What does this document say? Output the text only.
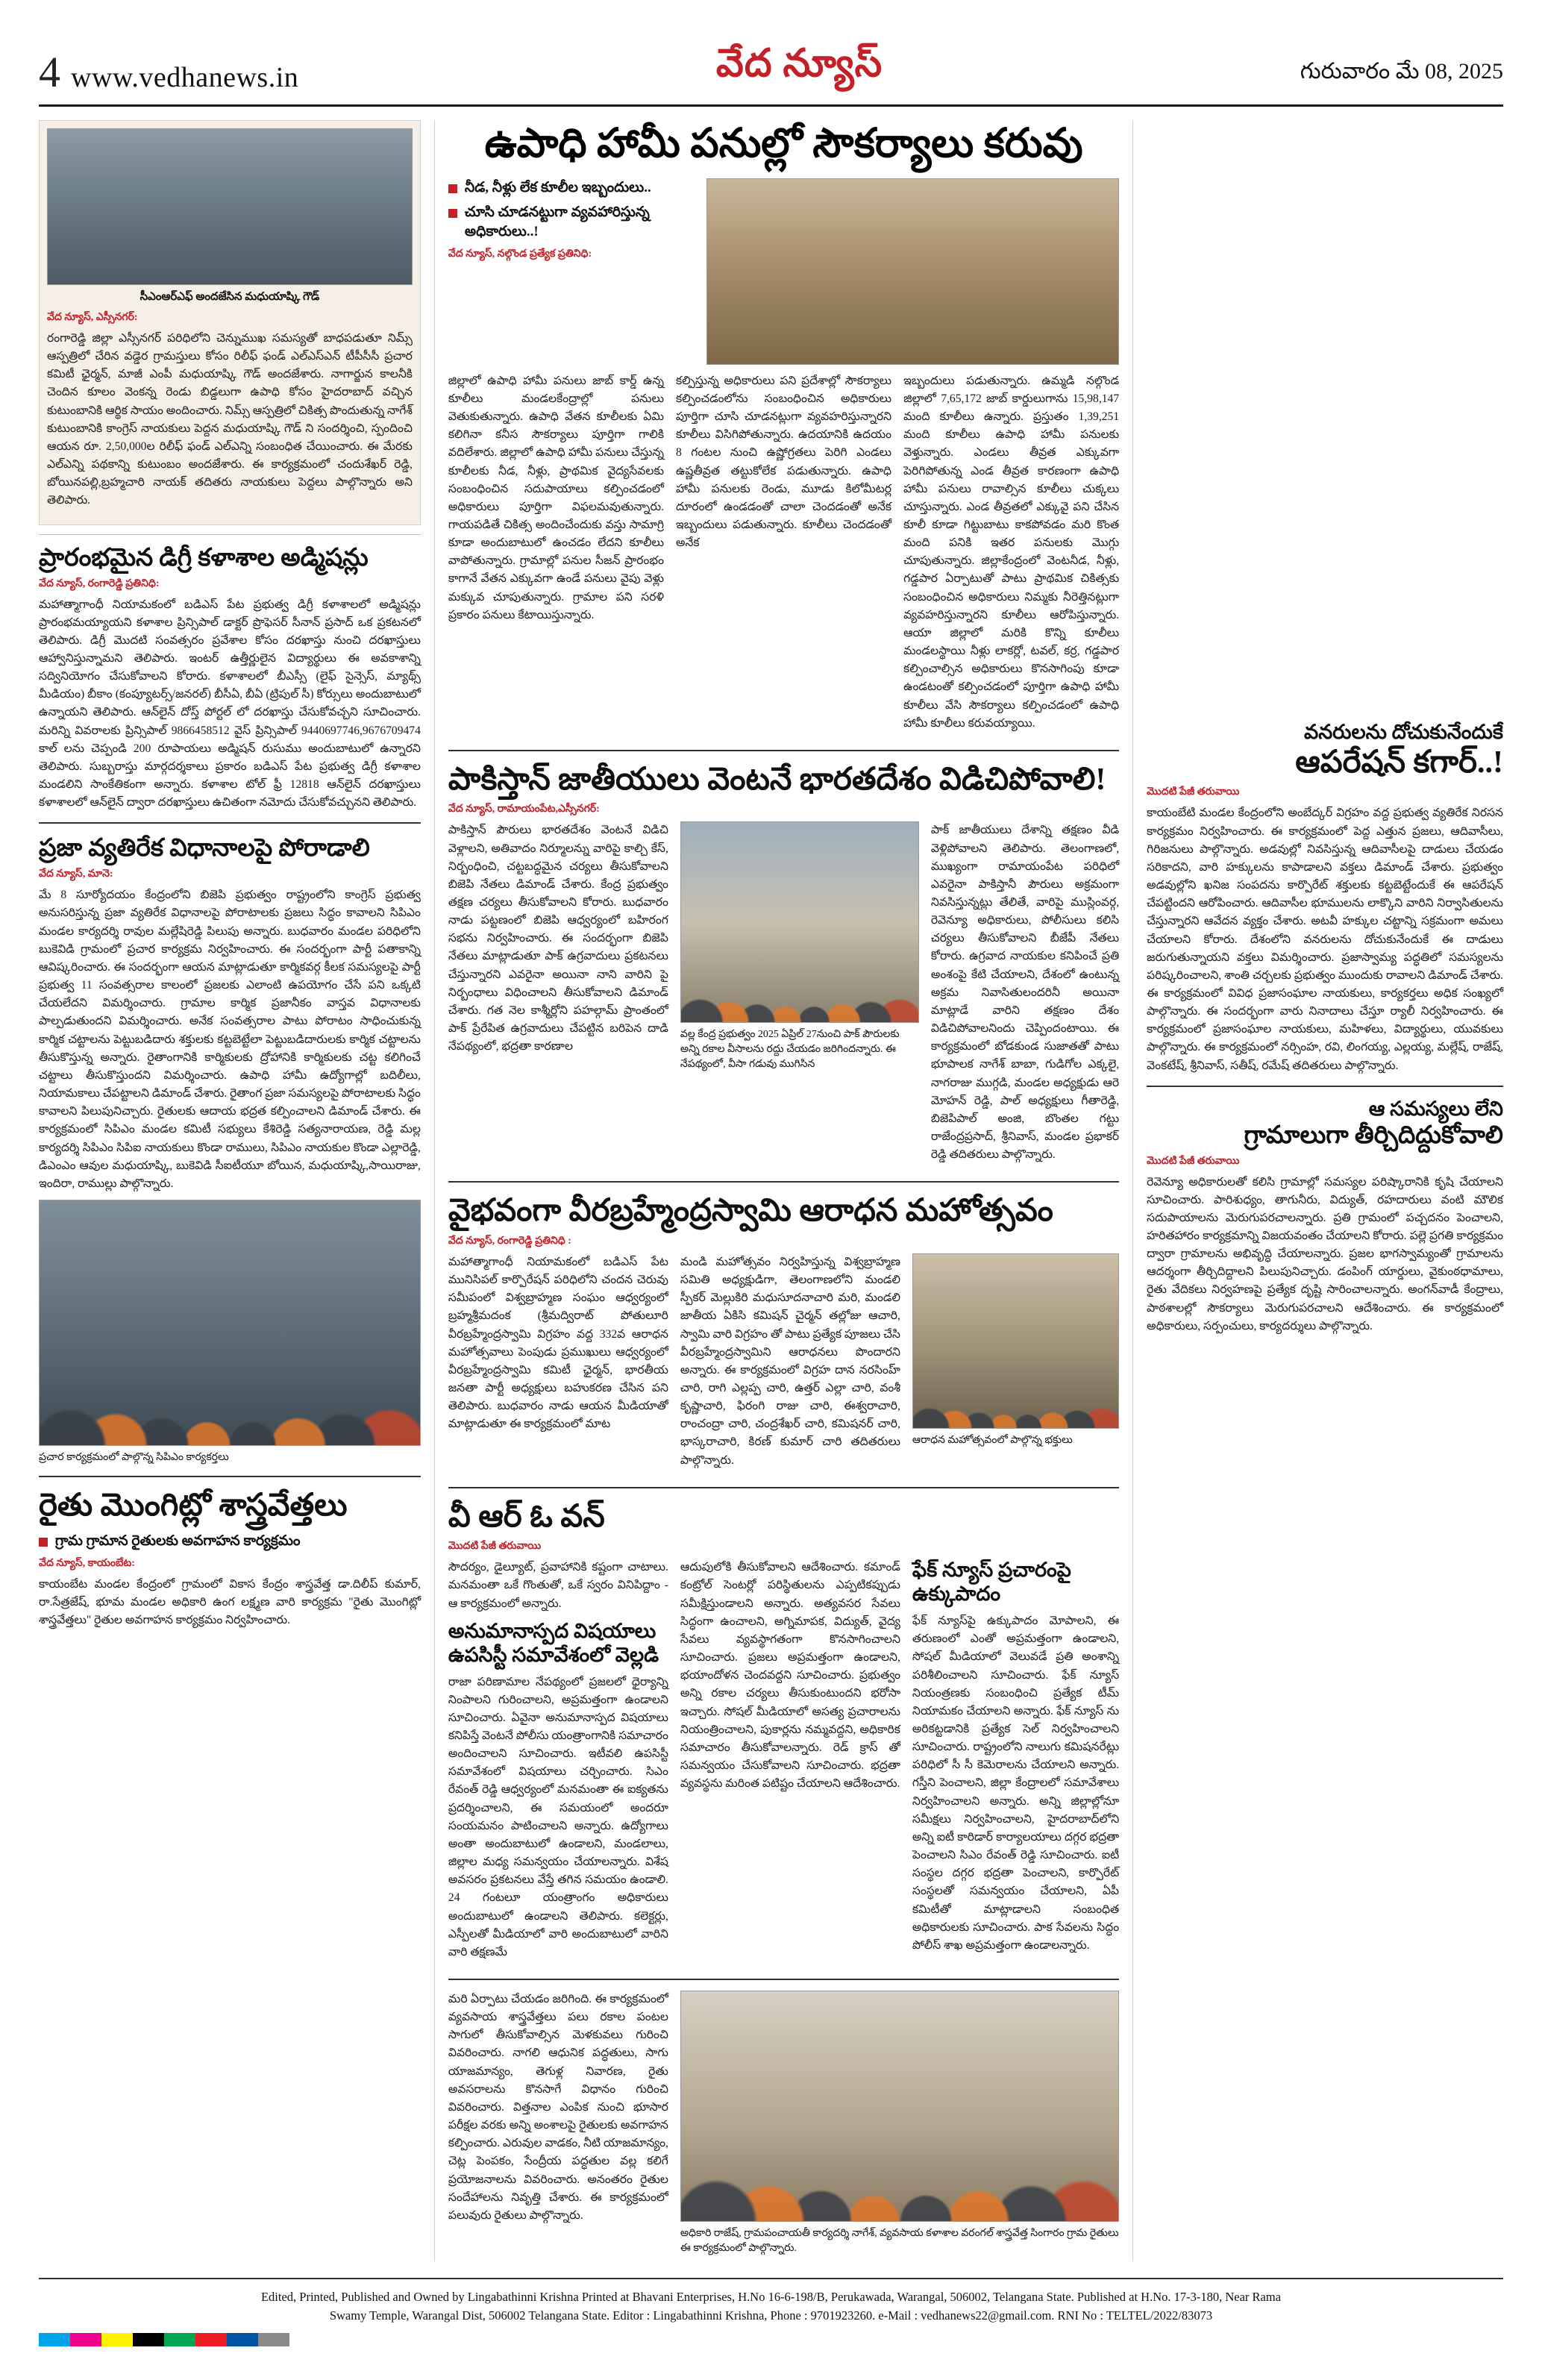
4 www.vedhanews.in	వేద న్యూస్	గురువారం మే 08, 2025
సీఎంఆర్ఎఫ్ అందజేసిన మధుయాష్కి గౌడ్
వేద న్యూస్, ఎస్సీనగర్:

రంగారెడ్డి జిల్లా ఎస్సీనగర్ పరిధిలోని చెన్నుముఖ సమస్యతో బాధపడుతూ నిమ్స్ ఆస్పత్రిలో చేరిన వడ్డెర గ్రామస్తులు కోసం రిలీఫ్ ఫండ్ ఎల్ఎస్ఎన్ టీపీసీసీ ప్రచార కమిటీ ఛైర్మన్, మాజీ ఎంపీ మధుయాష్కి గౌడ్ అందజేశారు. నాగార్జున కాలనీకి చెందిన కూలం వెంకన్న రెండు బిడ్డలుగా ఉపాధి కోసం హైదరాబాద్ వచ్చిన కుటుంబానికి ఆర్థిక సాయం అందించారు. నిమ్స్ ఆస్పత్రిలో చికిత్స పొందుతున్న నాగేశ్ కుటుంబానికి కాంగ్రెస్ నాయకులు పెద్దన మధుయాష్కి గౌడ్ ని సందర్శించి, స్పందించి ఆయన రూ. 2,50,000ల రిలీఫ్ ఫండ్ ఎల్ఎన్ని సంబంధిత చేయించారు. ఈ మేరకు ఎల్ఎన్ని పథకాన్ని కుటుంబం అందజేశారు. ఈ కార్యక్రమంలో చందుశేఖర్ రెడ్డి, బోయినపల్లి,బ్రహ్మచారి నాయక్ తదితరు నాయకులు పెద్దలు పాల్గొన్నారు అని తెలిపారు.

ప్రారంభమైన డిగ్రీ కళాశాల అడ్మిషన్లు
వేద న్యూస్, రంగారెడ్డి ప్రతినిధి:

మహాత్మాగాంధీ నియామకంలో బడిఎస్ పేట ప్రభుత్వ డిగ్రీ కళాశాలలో అడ్మిషన్లు ప్రారంభమయ్యాయని కళాశాల ప్రిన్సిపాల్ డాక్టర్ ప్రొఫెసర్ సీనాన్ ప్రసాద్ ఒక ప్రకటనలో తెలిపారు. డిగ్రీ మొదటి సంవత్సరం ప్రవేశాల కోసం దరఖాస్తు నుంచి దరఖాస్తులు ఆహ్వానిస్తున్నామని తెలిపారు. ఇంటర్ ఉత్తీర్ణులైన విద్యార్థులు ఈ అవకాశాన్ని సద్వినియోగం చేసుకోవాలని కోరారు. కళాశాలలో బీఎస్సీ (లైఫ్ సైన్సెస్, మ్యాథ్స్ మీడియం) బీకాం (కంప్యూటర్స్/జనరల్) బీసీఏ, బీఏ (ట్రిపుల్ సీ) కోర్సులు అందుబాటులో ఉన్నాయని తెలిపారు. ఆన్‌లైన్ దోస్త్ పోర్టల్ లో దరఖాస్తు చేసుకోవచ్చని సూచించారు. మరిన్ని వివరాలకు ప్రిన్సిపాల్ 9866458512 వైస్ ప్రిన్సిపాల్ 9440697746,9676709474 కాల్ లను చెప్పండి 200 రూపాయలు అడ్మిషన్ రుసుము అందుబాటులో ఉన్నారని తెలిపారు. సుబ్బరాస్తు మార్గదర్శకాలు ప్రకారం బడిఎస్ పేట ప్రభుత్వ డిగ్రీ కళాశాల మండలిని సాంకేతికంగా అన్నారు. కళాశాల టోల్ ఫ్రీ 12818 ఆన్‌లైన్ దరఖాస్తులు కళాశాలలో ఆన్‌లైన్ ద్వారా దరఖాస్తులు ఉచితంగా నమోదు చేసుకోవచ్చునని తెలిపారు.

ప్రజా వ్యతిరేక విధానాలపై పోరాడాలి
వేద న్యూస్, మానె:

మే 8 సూర్యోదయం కేంద్రంలోని బిజెపి ప్రభుత్వం రాష్ట్రంలోని కాంగ్రెస్ ప్రభుత్వ అనుసరిస్తున్న ప్రజా వ్యతిరేక విధానాలపై పోరాటాలకు ప్రజలు సిద్ధం కావాలని సిపిఎం మండల కార్యదర్శి రావుల మల్లేషిరెడ్డి పిలుపు అన్నారు. బుధవారం మండల పరిధిలోని బుకెవిడి గ్రామంలో ప్రచార కార్యక్రమ నిర్వహించారు. ఈ సందర్భంగా పార్టీ పతాకాన్ని ఆవిష్కరించారు. ఈ సందర్భంగా ఆయన మాట్లాడుతూ కార్మికవర్గ కీలక సమస్యలపై పార్టీ ప్రభుత్వ 11 సంవత్సరాల కాలంలో ప్రజలకు ఎలాంటి ఉపయోగం చేసే పని ఒక్కటి చేయలేదని విమర్శించారు. గ్రామాల కార్మిక ప్రజానీకం వాస్తవ విధానాలకు పాల్పడుతుందని విమర్శించారు. అనేక సంవత్సరాల పాటు పోరాటం సాధించుకున్న కార్మిక చట్టాలను పెట్టుబడిదారు శక్తులకు కట్టబెట్టేలా పెట్టుబడిదారులకు కార్మిక చట్టాలను తీసుకొస్తున్న అన్నారు. రైతాంగానికి కార్మికులకు ద్రోహానికి కార్మికులకు చట్ట కలిగించే చట్టాలు తీసుకొస్తుందని విమర్శించారు. ఉపాధి హామీ ఉద్యోగాల్లో బదిలీలు, నియామకాలు చేపట్టాలని డిమాండ్ చేశారు. రైతాంగ ప్రజా సమస్యలపై పోరాటాలకు సిద్ధం కావాలని పిలుపునిచ్చారు. రైతులకు ఆదాయ భద్రత కల్పించాలని డిమాండ్ చేశారు. ఈ కార్యక్రమంలో సిపిఎం మండల కమిటీ సభ్యులు కేశిరెడ్డి సత్యనారాయణ, రెడ్డి మల్ల కార్యదర్శి సిపిఎం సిపిఐ నాయకులు కొండా రాములు, సిపిఎం నాయకుల కొండా ఎల్లారెడ్డి, డిఎంఎం ఆవుల మధుయాష్కి, బుకెవిడి సీఐటీయూ బోయిన, మధుయాష్కి,సాయిరాజు, ఇందిరా, రాముల్లు పాల్గొన్నారు.

ప్రచార కార్యక్రమంలో పాల్గొన్న సిపిఎం కార్యకర్తలు
రైతు మొంగిట్లో శాస్త్రవేత్తలు
గ్రామ గ్రామాన రైతులకు అవగాహన కార్యక్రమం
వేద న్యూస్, కాయంబేట:

కాయంబేట మండల కేంద్రంలో గ్రామంలో వికాస కేంద్రం శాస్త్రవేత్త డా.దిలీప్ కుమార్, రా.సేత్రజేష్, భూమ మండల అధికారి ఉంగ లక్ష్మణ వారి కార్యక్రమ "రైతు మొంగిట్లో శాస్త్రవేత్తలు" రైతుల అవగాహన కార్యక్రమం నిర్వహించారు.

ఉపాధి హామీ పనుల్లో సౌకర్యాలు కరువు
నీడ, నీళ్లు లేక కూలీల ఇబ్బందులు..
చూసి చూడనట్టుగా వ్యవహారిస్తున్న అధికారులు..!
వేద న్యూస్, నల్గొండ ప్రత్యేక ప్రతినిధి:

జిల్లాలో ఉపాధి హామీ పనులు జాబ్ కార్డ్ ఉన్న కూలీలు మండలకేంద్రాల్లో పనులు వెతుకుతున్నారు. ఉపాధి వేతన కూలీలకు ఏమి కలిగినా కనీస సౌకర్యాలు పూర్తిగా గాలికి వదిలేశారు. జిల్లాలో ఉపాధి హామీ పనులు చేస్తున్న కూలీలకు నీడ, నీళ్లు, ప్రాథమిక వైద్యసేవలకు సంబంధించిన సదుపాయాలు కల్పించడంలో అధికారులు పూర్తిగా విఫలమవుతున్నారు. గాయపడితే చికిత్స అందించేందుకు వస్తు సామాగ్రి కూడా అందుబాటులో ఉంచడం లేదని కూలీలు వాపోతున్నారు. గ్రామాల్లో పనుల సీజన్ ప్రారంభం కాగానే వేతన ఎక్కువగా ఉండే పనులు వైపు వెళ్లు మక్కువ చూపుతున్నారు. గ్రామాల పని సరళి ప్రకారం పనులు కేటాయిస్తున్నారు.

కల్పిస్తున్న అధికారులు పని ప్రదేశాల్లో సౌకర్యాలు కల్పించడంలోను సంబంధించిన అధికారులు పూర్తిగా చూసి చూడనట్లుగా వ్యవహరిస్తున్నారని కూలీలు విసిగిపోతున్నారు. ఉదయానికి ఉదయం 8 గంటల నుంచి ఉష్ణోగ్రతలు పెరిగి ఎండలు ఉష్ణతీవ్రత తట్టుకోలేక పడుతున్నారు. ఉపాధి హామీ పనులకు రెండు, మూడు కిలోమీటర్ల దూరంలో ఉండడంతో చాలా చెందడంతో అనేక ఇబ్బందులు పడుతున్నారు. కూలీలు చెందడంతో అనేక

ఇబ్బందులు పడుతున్నారు. ఉమ్మడి నల్గొండ జిల్లాలో 7,65,172 జాబ్ కార్డులుగాను 15,98,147 మంది కూలీలు ఉన్నారు. ప్రస్తుతం 1,39,251 మంది కూలీలు ఉపాధి హామీ పనులకు వెళ్తున్నారు. ఎండలు తీవ్రత ఎక్కువగా పెరిగిపోతున్న ఎండ తీవ్రత కారణంగా ఉపాధి హామీ పనులు రావాల్సిన కూలీలు చుక్కలు చూస్తున్నారు. ఎండ తీవ్రతలో ఎక్కువై పని చేసిన కూలీ కూడా గిట్టుబాటు కాకపోవడం మరి కొంత మంది పనికి ఇతర పనులకు మొగ్గు చూపుతున్నారు. జిల్లాకేంద్రంలో వెంటనీడ, నీళ్లు, గడ్డపార ఏర్పాటుతో పాటు ప్రాథమిక చికిత్సకు సంబంధించిన అధికారులు నిమ్మకు నీరెత్తినట్లుగా వ్యవహరిస్తున్నారని కూలీలు ఆరోపిస్తున్నారు. ఆయా జిల్లాలో మరికి కొన్ని కూలీలు మండలస్థాయి నీళ్లు లాకర్లో, టవల్, కర్ర, గడ్డపార కల్పించాల్సిన అధికారులు కొనసాగింపు కూడా ఉండటంతో కల్పించడంలో పూర్తిగా ఉపాధి హామీ కూలీలు వేసి సౌకర్యాలు కల్పించడంలో ఉపాధి హామీ కూలీలు కరువయ్యాయి.

పాకిస్తాన్ జాతీయులు వెంటనే భారతదేశం విడిచిపోవాలి!
వేద న్యూస్, రామాయంపేట,ఎస్సీనగర్:

పాకిస్తాన్ పౌరులు భారతదేశం వెంటనే విడిచి వెళ్లాలని, అతివాదం నిర్మూలన్ను వారిపై కాల్చి కేస్, నిర్బంధించి, చట్టబద్ధమైన చర్యలు తీసుకోవాలని బిజెపి నేతలు డిమాండ్ చేశారు. కేంద్ర ప్రభుత్వం తక్షణ చర్యలు తీసుకోవాలని కోరారు. బుధవారం నాడు పట్టణంలో బిజెపి ఆధ్వర్యంలో బహిరంగ సభను నిర్వహించారు. ఈ సందర్భంగా బిజెపి నేతలు మాట్లాడుతూ పాక్ ఉగ్రవాదులు ప్రకటనలు చేస్తున్నారని ఎవరైనా అయినా నాని వారిని పై నిర్బంధాలు విధించాలని తీసుకోవాలని డిమాండ్ చేశారు. గత నెల కాశ్మీర్లోని పహల్గామ్ ప్రాంతంలో పాక్ ప్రేరేపిత ఉగ్రవాదులు చేపట్టిన బరిపెన దాడి నేపథ్యంలో, భద్రతా కారణాల

వల్ల కేంద్ర ప్రభుత్వం 2025 ఏప్రిల్ 27నుంచి పాక్ పౌరులకు అన్ని రకాల వీసాలను రద్దు చేయడం జరిగిందన్నారు. ఈ నేపథ్యంలో, వీసా గడువు ముగిసిన

పాక్ జాతీయులు దేశాన్ని తక్షణం వీడి వెళ్లిపోవాలని తెలిపారు. తెలంగాణలో, ముఖ్యంగా రామాయంపేట పరిధిలో ఎవరైనా పాకిస్తానీ పౌరులు అక్రమంగా నివసిస్తున్నట్లు తేలితే, వారిపై ముస్లింవర్గ, రెవెన్యూ అధికారులు, పోలీసులు కలిసి చర్యలు తీసుకోవాలని బీజేపీ నేతలు కోరారు. ఉగ్రవాద నాయకుల కనిపించే ప్రతి అంశంపై కేటి చేయాలని, దేశంలో ఉంటున్న అక్రమ నివాసితులందరినీ అయినా మాట్లాడే వారిని తక్షణం దేశం విడిచిపోవాలనిందు చెప్పిందంటాయి. ఈ కార్యక్రమంలో బోడకుండ సుజాతతో పాటు భూపాలక నాగేశ్ బాబా, గుడిగోల ఎక్కలై, నాగరాజు ముగ్గడి, మండల అధ్యక్షుడు ఆరె మోహన్ రెడ్డి, పాల్ అధ్యక్షులు గీతారెడ్డి, బిజెపిపాల్ అంజి, బొంతల గట్టు రాజేంద్రప్రసాద్, శ్రీనివాస్, మండల ప్రభాకర్ రెడ్డి తదితరులు పాల్గొన్నారు.

వైభవంగా వీరబ్రహ్మేంద్రస్వామి ఆరాధన మహోత్సవం
వేద న్యూస్, రంగారెడ్డి ప్రతినిధి :

మహాత్మాగాంధీ నియామకంలో బడిఎస్ పేట మునిసిపల్ కార్పొరేషన్ పరిధిలోని చందన చెరువు సమీపంలో విశ్వబ్రాహ్మణ సంఘం ఆధ్వర్యంలో బ్రహ్మశ్రీమదంక (శ్రీమద్విరాట్ పోతులూరి వీరబ్రహ్మేంద్రస్వామి విగ్రహం వద్ద 332వ ఆరాధన మహోత్సవాలు పెంపుడు ప్రముఖులు ఆధ్వర్యంలో వీరబ్రహ్మేంద్రస్వామి కమిటీ ఛైర్మన్, భారతీయ జనతా పార్టీ అధ్యక్షులు బహుకరణ చేసిన పని తెలిపారు. బుధవారం నాడు ఆయన మీడియాతో మాట్లాడుతూ ఈ కార్యక్రమంలో మాట

మండి మహోత్సవం నిర్వహిస్తున్న విశ్వబ్రాహ్మణ సమితి అధ్యక్షుడిగా, తెలంగాణలోని మండలి స్పీకర్ మెల్లుకిరి మధుసూదనాచారి మరి, మండలి జాతీయ ఏకిసి కమిషన్ చైర్మన్ తల్లోజు ఆచారి, స్వామి వారి విగ్రహం తో పాటు ప్రత్యేక పూజలు చేసి వీరబ్రహ్మేంద్రస్వామిని ఆరాధనలు పొందారని అన్నారు. ఈ కార్యక్రమంలో విగ్రహ దాన నరసింహ్ చారి, రాగి ఎల్లప్ప చారి, ఉత్తర్ ఎల్లా చారి, వంశీ కృష్ణాచారి, ఫిరంగి రాజు చారి, ఈశ్వరాచారి, రాంచంద్రా చారి, చంద్రశేఖర్ చారి, కమిషనర్ చారి, భాస్కరాచారి, కిరణ్ కుమార్ చారి తదితరులు పాల్గొన్నారు.

ఆరాధన మహోత్సవంలో పాల్గొన్న భక్తులు
వీ ఆర్ ఓ వన్
మొదటి పేజీ తరువాయి

సౌదర్యం, డైల్యూట్, ప్రవాహానికి కష్టంగా చాటాలు. మనమంతా ఒకే గొంతుతో, ఒకే స్వరం వినిపిద్దాం - ఆ కార్యక్రమంలో అన్నారు.

అనుమానాస్పద విషయాలు ఉపసిస్టీ సమావేశంలో వెల్లడి

రాజా పరిణామాల నేపథ్యంలో ప్రజలలో ధైర్యాన్ని నింపాలని గురించాలని, అప్రమత్తంగా ఉండాలని సూచించారు. ఏవైనా అనుమానాస్పద విషయాలు కనిపిస్తే వెంటనే పోలీసు యంత్రాంగానికి సమాచారం అందించాలని సూచించారు. ఇటీవలి ఉపసిస్టీ సమావేశంలో విషయాలు చర్చించారు. సిఎం రేవంత్ రెడ్డి ఆధ్వర్యంలో మనమంతా ఈ ఐక్యతను ప్రదర్శించాలని, ఈ సమయంలో అందరూ సంయమనం పాటించాలని అన్నారు. ఉద్యోగాలు అంతా అందుబాటులో ఉండాలని, మండలాలు, జిల్లాల మధ్య సమన్వయం చేయాలన్నారు. విశేష అవసరం ప్రకటనలు వేస్తే తగిన సమయం ఉండాలి. 24 గంటలూ యంత్రాంగం అధికారులు అందుబాటులో ఉండాలని తెలిపారు. కలెక్టర్లు, ఎస్పీలతో మీడియాలో వారి అందుబాటులో వారిని వారి తక్షణమే

ఆదుపులోకి తీసుకోవాలని ఆదేశించారు. కమాండ్ కంట్రోల్ సెంటర్లో పరిస్థితులను ఎప్పటికప్పుడు సమీక్షిస్తుండాలని అన్నారు. అత్యవసర సేవలు సిద్ధంగా ఉంచాలని, అగ్నిమాపక, విద్యుత్, వైద్య సేవలు వ్యవస్థాగతంగా కొనసాగించాలని సూచించారు. ప్రజలు అప్రమత్తంగా ఉండాలని, భయాందోళన చెందవద్దని సూచించారు. ప్రభుత్వం అన్ని రకాల చర్యలు తీసుకుంటుందని భరోసా ఇచ్చారు. సోషల్ మీడియాలో అసత్య ప్రచారాలను నియంత్రించాలని, పుకార్లను నమ్మవద్దని, అధికారిక సమాచారం తీసుకోవాలన్నారు. రెడ్ క్రాస్ తో సమన్వయం చేసుకోవాలని సూచించారు. భద్రతా వ్యవస్థను మరింత పటిష్టం చేయాలని ఆదేశించారు.

ఫేక్ న్యూస్ ప్రచారంపై ఉక్కుపాదం

ఫేక్ న్యూస్‌పై ఉక్కుపాదం మోపాలని, ఈ తరుణంలో ఎంతో అప్రమత్తంగా ఉండాలని, సోషల్ మీడియాలో వెలువడే ప్రతి అంశాన్ని పరిశీలించాలని సూచించారు. ఫేక్ న్యూస్ నియంత్రణకు సంబంధించి ప్రత్యేక టీమ్ నియామకం చేయాలని అన్నారు. ఫేక్ న్యూస్ ను అరికట్టడానికి ప్రత్యేక సెల్ నిర్వహించాలని సూచించారు. రాష్ట్రంలోని నాలుగు కమిషనరేట్లు పరిధిలో సీ సీ కెమెరాలను చేయాలని అన్నారు. గస్తీని పెంచాలని, జిల్లా కేంద్రాలలో సమావేశాలు నిర్వహించాలని అన్నారు. అన్ని జిల్లాల్లోనూ సమీక్షలు నిర్వహించాలని, హైదరాబాద్‌లోని అన్ని ఐటీ కారిడార్ కార్యాలయాలు దగ్గర భద్రతా పెంచాలని సిఎం రేవంత్ రెడ్డి సూచించారు. ఐటీ సంస్థల దగ్గర భద్రతా పెంచాలని, కార్పొరేట్ సంస్థలతో సమన్వయం చేయాలని, ఏపీ కమిటీతో మాట్లాడాలని సంబంధిత అధికారులకు సూచించారు. పాక సేవలను సిద్ధం పోలీస్ శాఖ అప్రమత్తంగా ఉండాలన్నారు.

మరి ఏర్పాటు చేయడం జరిగింది. ఈ కార్యక్రమంలో వ్యవసాయ శాస్త్రవేత్తలు పలు రకాల పంటల సాగులో తీసుకోవాల్సిన మెళకువలు గురించి వివరించారు. నాగలి ఆధునిక పద్ధతులు, సాగు యాజమాన్యం, తెగుళ్ల నివారణ, రైతు అవసరాలను కొనసాగే విధానం గురించి వివరించారు. విత్తనాల ఎంపిక నుంచి భూసార పరీక్షల వరకు అన్ని అంశాలపై రైతులకు అవగాహన కల్పించారు. ఎరువుల వాడకం, నీటి యాజమాన్యం, చెట్ల పెంపకం, సేంద్రీయ పద్ధతుల వల్ల కలిగే ప్రయోజనాలను వివరించారు. అనంతరం రైతుల సందేహాలను నివృత్తి చేశారు. ఈ కార్యక్రమంలో పలువురు రైతులు పాల్గొన్నారు.

అధికారి రాజేష్, గ్రామపంచాయతీ కార్యదర్శి నాగేశ్, వ్యవసాయ కళాశాల వరంగల్ శాస్త్రవేత్త సింగారం గ్రామ రైతులు ఈ కార్యక్రమంలో పాల్గొన్నారు.
వనరులను దోచుకునేందుకే
ఆపరేషన్ కగార్..!
మొదటి పేజీ తరువాయి

కాయంబేటి మండల కేంద్రంలోని అంబేద్కర్ విగ్రహం వద్ద ప్రభుత్వ వ్యతిరేక నిరసన కార్యక్రమం నిర్వహించారు. ఈ కార్యక్రమంలో పెద్ద ఎత్తున ప్రజలు, ఆదివాసీలు, గిరిజనులు పాల్గొన్నారు. అడవుల్లో నివసిస్తున్న ఆదివాసీలపై దాడులు చేయడం సరికాదని, వారి హక్కులను కాపాడాలని వక్తలు డిమాండ్ చేశారు. ప్రభుత్వం అడవుల్లోని ఖనిజ సంపదను కార్పొరేట్ శక్తులకు కట్టబెట్టేందుకే ఈ ఆపరేషన్ చేపట్టిందని ఆరోపించారు. ఆదివాసీల భూములను లాక్కొని వారిని నిర్వాసితులను చేస్తున్నారని ఆవేదన వ్యక్తం చేశారు. అటవీ హక్కుల చట్టాన్ని సక్రమంగా అమలు చేయాలని కోరారు. దేశంలోని వనరులను దోచుకునేందుకే ఈ దాడులు జరుగుతున్నాయని వక్తలు విమర్శించారు. ప్రజాస్వామ్య పద్ధతిలో సమస్యలను పరిష్కరించాలని, శాంతి చర్చలకు ప్రభుత్వం ముందుకు రావాలని డిమాండ్ చేశారు. ఈ కార్యక్రమంలో వివిధ ప్రజాసంఘాల నాయకులు, కార్యకర్తలు అధిక సంఖ్యలో పాల్గొన్నారు. ఈ సందర్భంగా వారు నినాదాలు చేస్తూ ర్యాలీ నిర్వహించారు. ఈ కార్యక్రమంలో ప్రజాసంఘాల నాయకులు, మహిళలు, విద్యార్థులు, యువకులు పాల్గొన్నారు. ఈ కార్యక్రమంలో నర్సింహ, రవి, లింగయ్య, ఎల్లయ్య, మల్లేష్, రాజేష్, వెంకటేష్, శ్రీనివాస్, సతీష్, రమేష్ తదితరులు పాల్గొన్నారు.

ఆ సమస్యలు లేని
గ్రామాలుగా తీర్చిదిద్దుకోవాలి
మొదటి పేజీ తరువాయి

రెవెన్యూ అధికారులతో కలిసి గ్రామాల్లో సమస్యల పరిష్కారానికి కృషి చేయాలని సూచించారు. పారిశుధ్యం, తాగునీరు, విద్యుత్, రహదారులు వంటి మౌలిక సదుపాయాలను మెరుగుపరచాలన్నారు. ప్రతి గ్రామంలో పచ్చదనం పెంచాలని, హరితహారం కార్యక్రమాన్ని విజయవంతం చేయాలని కోరారు. పల్లె ప్రగతి కార్యక్రమం ద్వారా గ్రామాలను అభివృద్ధి చేయాలన్నారు. ప్రజల భాగస్వామ్యంతో గ్రామాలను ఆదర్శంగా తీర్చిదిద్దాలని పిలుపునిచ్చారు. డంపింగ్ యార్డులు, వైకుంఠధామాలు, రైతు వేదికలు నిర్వహణపై ప్రత్యేక దృష్టి సారించాలన్నారు. అంగన్‌వాడీ కేంద్రాలు, పాఠశాలల్లో సౌకర్యాలు మెరుగుపరచాలని ఆదేశించారు. ఈ కార్యక్రమంలో అధికారులు, సర్పంచులు, కార్యదర్శులు పాల్గొన్నారు.

Edited, Printed, Published and Owned by Lingabathinni Krishna Printed at Bhavani Enterprises, H.No 16-6-198/B, Perukawada, Warangal, 506002, Telangana State. Published at H.No. 17-3-180, Near Rama
Swamy Temple, Warangal Dist, 506002 Telangana State. Editor : Lingabathinni Krishna, Phone : 9701923260. e-Mail : vedhanews22@gmail.com. RNI No : TELTEL/2022/83073
